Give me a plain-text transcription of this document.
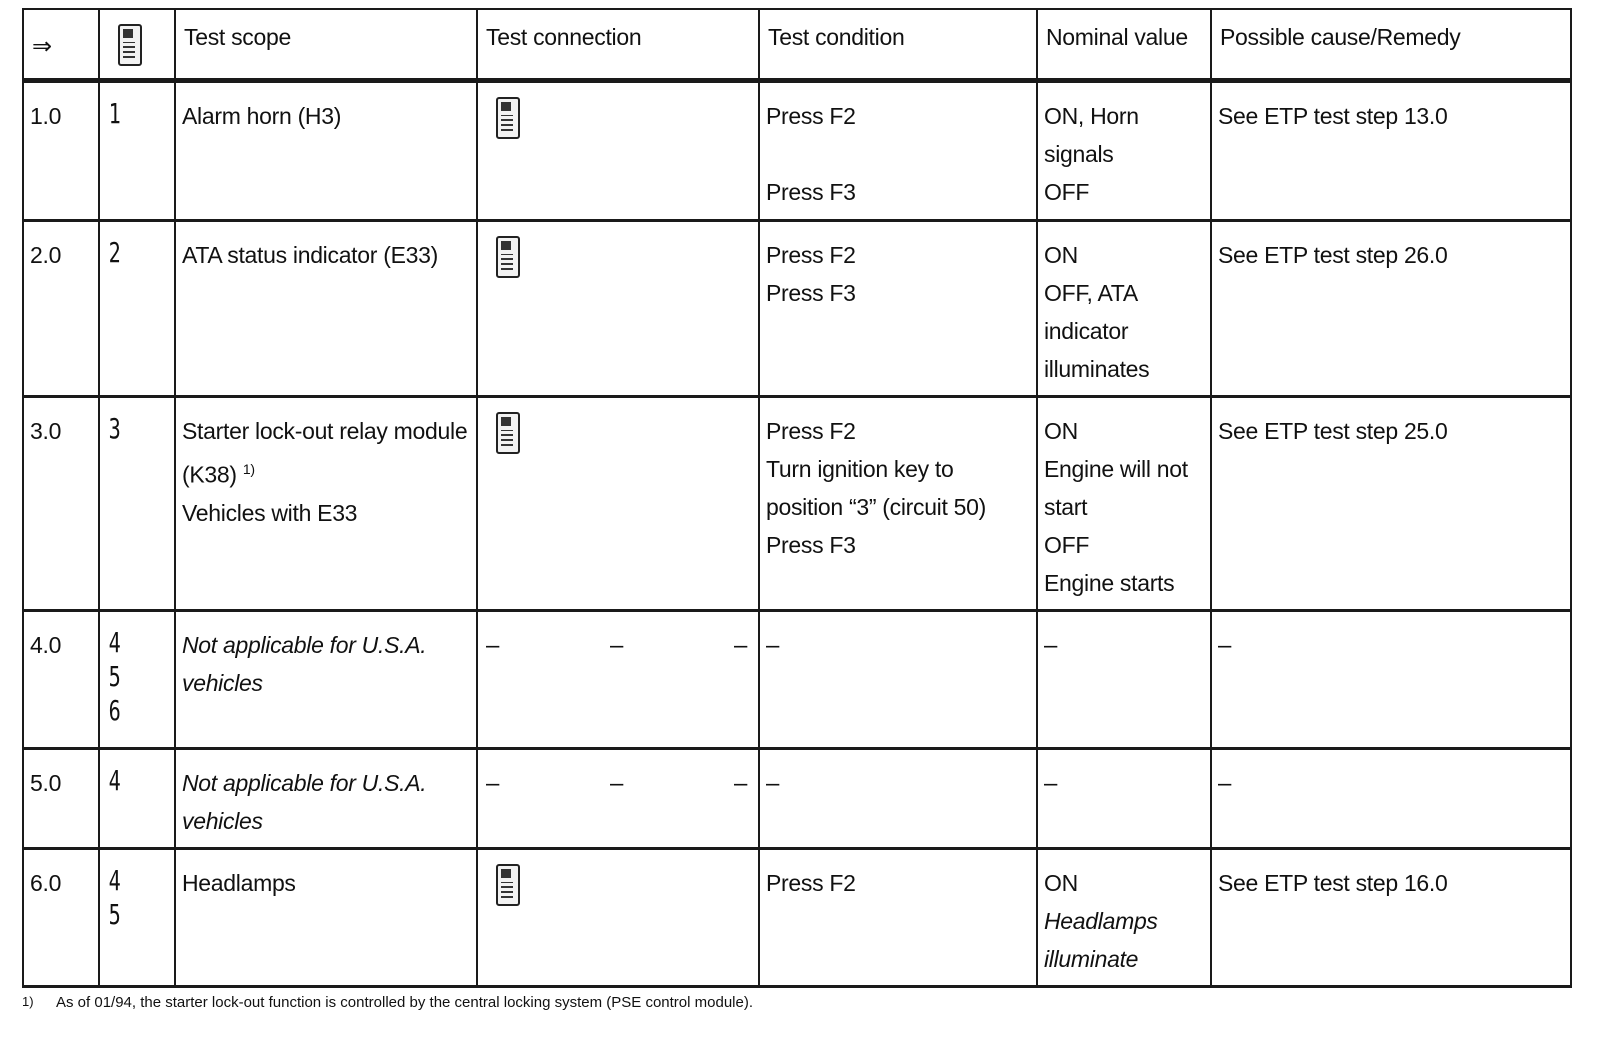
⇒		Test scope	Test connection	Test condition	Nominal value	Possible cause/Remedy

1.0	1	Alarm horn (H3)		Press F2
Press F3	ON, Horn
signals
OFF	See ETP test step 13.0

2.0	2	ATA status indicator (E33)		Press F2
Press F3	ON
OFF, ATA
indicator
illuminates	See ETP test step 26.0

3.0	3	Starter lock-out relay module
(K38) $^{1)}$
Vehicles with E33		Press F2
Turn ignition key to
position “3” (circuit 50)
Press F3	ON
Engine will not
start
OFF
Engine starts	See ETP test step 25.0

4.0	4
5
6	Not applicable for U.S.A.
vehicles	– – –	–	–	–

5.0	4	Not applicable for U.S.A.
vehicles	– – –	–	–	–

6.0	4
5	Headlamps		Press F2	ON
Headlamps
illuminate	See ETP test step 16.0
1) As of 01/94, the starter lock-out function is controlled by the central locking system (PSE control module).
